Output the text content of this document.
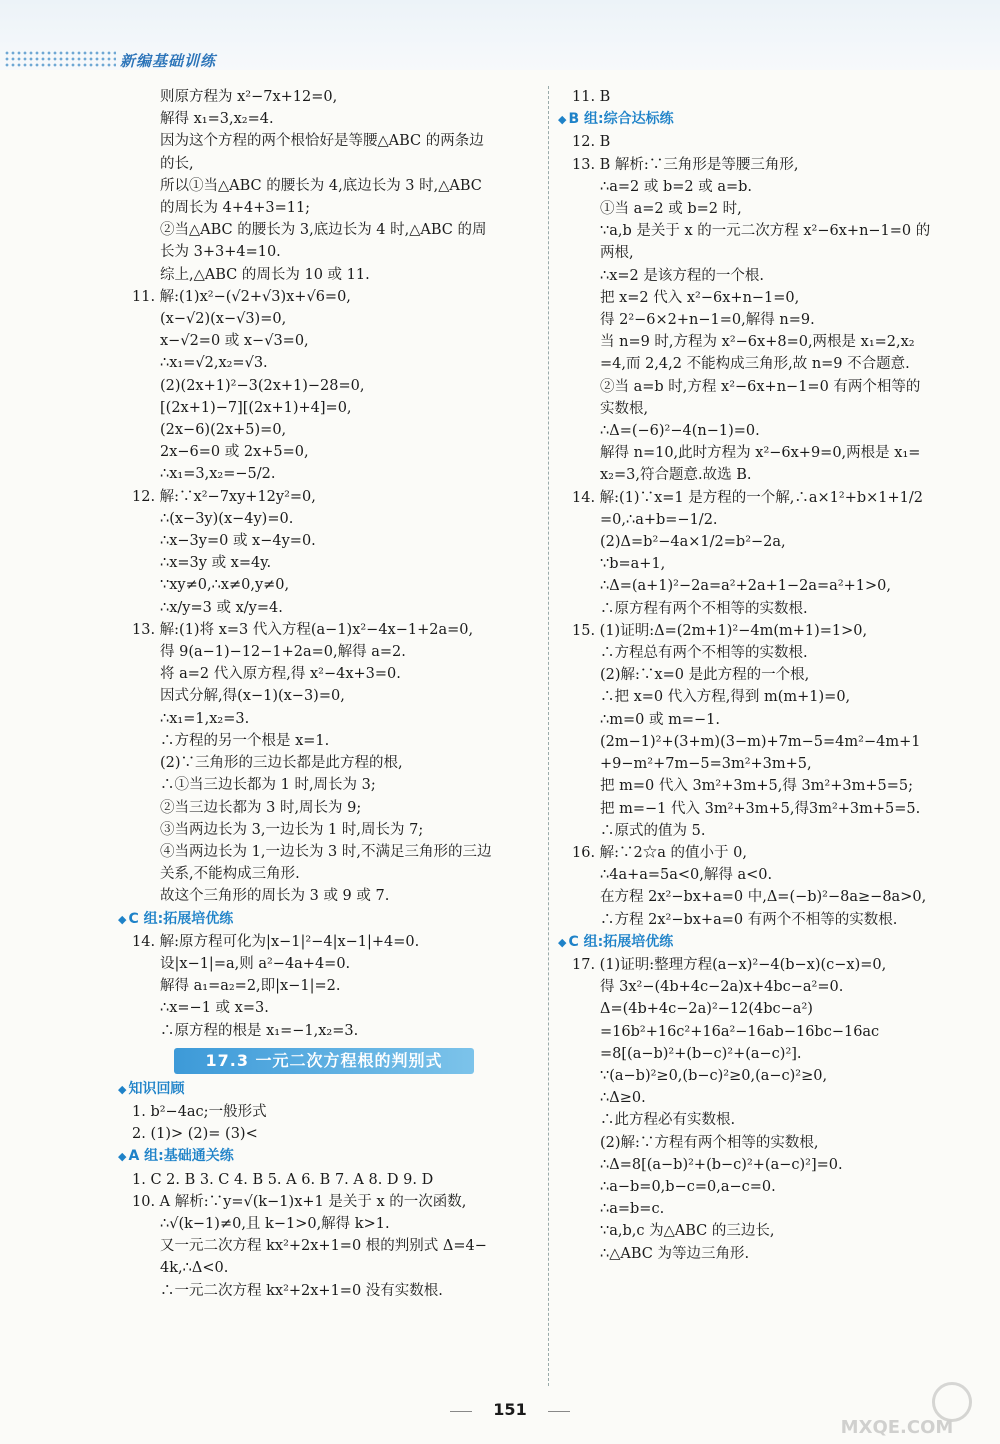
新编基础训练
则原方程为 x²−7x+12=0,
解得 x₁=3,x₂=4.
因为这个方程的两个根恰好是等腰△ABC 的两条边
的长,
所以①当△ABC 的腰长为 4,底边长为 3 时,△ABC
的周长为 4+4+3=11;
②当△ABC 的腰长为 3,底边长为 4 时,△ABC 的周
长为 3+3+4=10.
综上,△ABC 的周长为 10 或 11.
11. 解:(1)x²−(√2+√3)x+√6=0,
(x−√2)(x−√3)=0,
x−√2=0 或 x−√3=0,
∴x₁=√2,x₂=√3.
(2)(2x+1)²−3(2x+1)−28=0,
[(2x+1)−7][(2x+1)+4]=0,
(2x−6)(2x+5)=0,
2x−6=0 或 2x+5=0,
∴x₁=3,x₂=−5/2.
12. 解:∵x²−7xy+12y²=0,
∴(x−3y)(x−4y)=0.
∴x−3y=0 或 x−4y=0.
∴x=3y 或 x=4y.
∵xy≠0,∴x≠0,y≠0,
∴x/y=3 或 x/y=4.
13. 解:(1)将 x=3 代入方程(a−1)x²−4x−1+2a=0,
得 9(a−1)−12−1+2a=0,解得 a=2.
将 a=2 代入原方程,得 x²−4x+3=0.
因式分解,得(x−1)(x−3)=0,
∴x₁=1,x₂=3.
∴方程的另一个根是 x=1.
(2)∵三角形的三边长都是此方程的根,
∴①当三边长都为 1 时,周长为 3;
②当三边长都为 3 时,周长为 9;
③当两边长为 3,一边长为 1 时,周长为 7;
④当两边长为 1,一边长为 3 时,不满足三角形的三边
关系,不能构成三角形.
故这个三角形的周长为 3 或 9 或 7.
◆ C 组:拓展培优练
14. 解:原方程可化为|x−1|²−4|x−1|+4=0.
设|x−1|=a,则 a²−4a+4=0.
解得 a₁=a₂=2,即|x−1|=2.
∴x=−1 或 x=3.
∴原方程的根是 x₁=−1,x₂=3.
17.3 一元二次方程根的判别式
◆ 知识回顾
1. b²−4ac;一般形式
2. (1)> (2)= (3)<
◆ A 组:基础通关练
1. C 2. B 3. C 4. B 5. A 6. B 7. A 8. D 9. D
10. A 解析:∵y=√(k−1)x+1 是关于 x 的一次函数,
∴√(k−1)≠0,且 k−1>0,解得 k>1.
又一元二次方程 kx²+2x+1=0 根的判别式 Δ=4−
4k,∴Δ<0.
∴一元二次方程 kx²+2x+1=0 没有实数根.
11. B
◆ B 组:综合达标练
12. B
13. B 解析:∵三角形是等腰三角形,
∴a=2 或 b=2 或 a=b.
①当 a=2 或 b=2 时,
∵a,b 是关于 x 的一元二次方程 x²−6x+n−1=0 的
两根,
∴x=2 是该方程的一个根.
把 x=2 代入 x²−6x+n−1=0,
得 2²−6×2+n−1=0,解得 n=9.
当 n=9 时,方程为 x²−6x+8=0,两根是 x₁=2,x₂
=4,而 2,4,2 不能构成三角形,故 n=9 不合题意.
②当 a=b 时,方程 x²−6x+n−1=0 有两个相等的
实数根,
∴Δ=(−6)²−4(n−1)=0.
解得 n=10,此时方程为 x²−6x+9=0,两根是 x₁=
x₂=3,符合题意.故选 B.
14. 解:(1)∵x=1 是方程的一个解,∴a×1²+b×1+1/2
=0,∴a+b=−1/2.
(2)Δ=b²−4a×1/2=b²−2a,
∵b=a+1,
∴Δ=(a+1)²−2a=a²+2a+1−2a=a²+1>0,
∴原方程有两个不相等的实数根.
15. (1)证明:Δ=(2m+1)²−4m(m+1)=1>0,
∴方程总有两个不相等的实数根.
(2)解:∵x=0 是此方程的一个根,
∴把 x=0 代入方程,得到 m(m+1)=0,
∴m=0 或 m=−1.
(2m−1)²+(3+m)(3−m)+7m−5=4m²−4m+1
+9−m²+7m−5=3m²+3m+5,
把 m=0 代入 3m²+3m+5,得 3m²+3m+5=5;
把 m=−1 代入 3m²+3m+5,得3m²+3m+5=5.
∴原式的值为 5.
16. 解:∵2☆a 的值小于 0,
∴4a+a=5a<0,解得 a<0.
在方程 2x²−bx+a=0 中,Δ=(−b)²−8a≥−8a>0,
∴方程 2x²−bx+a=0 有两个不相等的实数根.
◆ C 组:拓展培优练
17. (1)证明:整理方程(a−x)²−4(b−x)(c−x)=0,
得 3x²−(4b+4c−2a)x+4bc−a²=0.
Δ=(4b+4c−2a)²−12(4bc−a²)
=16b²+16c²+16a²−16ab−16bc−16ac
=8[(a−b)²+(b−c)²+(a−c)²].
∵(a−b)²≥0,(b−c)²≥0,(a−c)²≥0,
∴Δ≥0.
∴此方程必有实数根.
(2)解:∵方程有两个相等的实数根,
∴Δ=8[(a−b)²+(b−c)²+(a−c)²]=0.
∴a−b=0,b−c=0,a−c=0.
∴a=b=c.
∵a,b,c 为△ABC 的三边长,
∴△ABC 为等边三角形.
151
MXQE.COM
